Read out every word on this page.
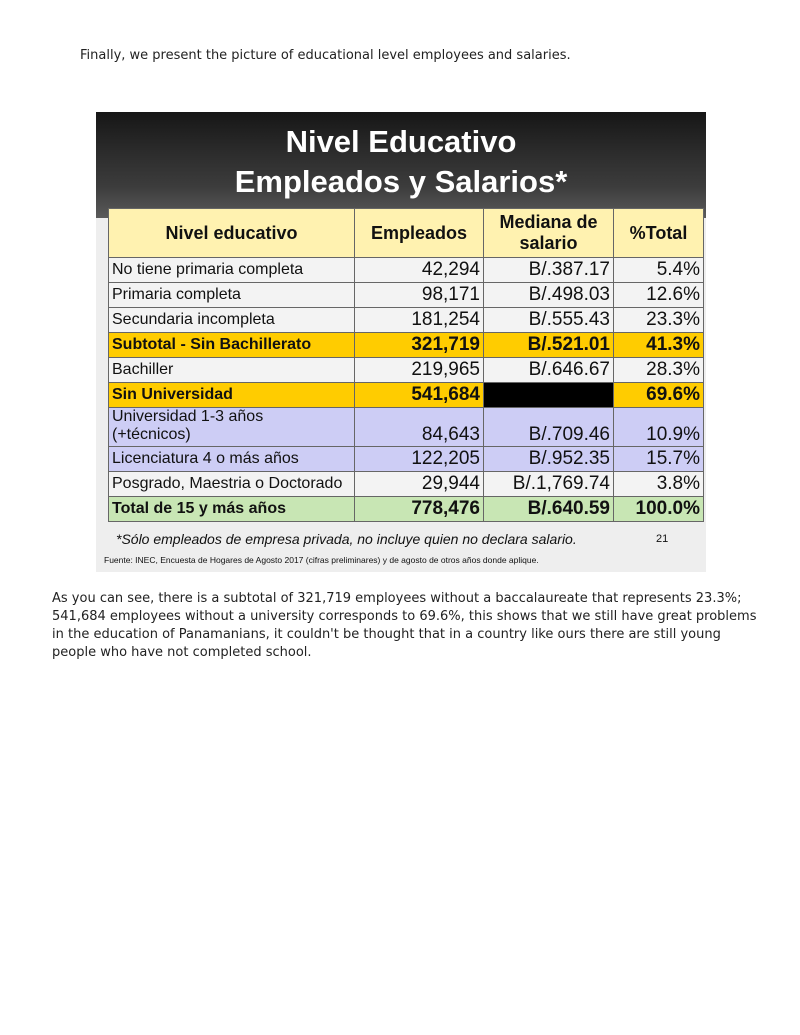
Finally, we present the picture of educational level employees and salaries.
Nivel Educativo
Empleados y Salarios*
Nivel educativo	Empleados	Mediana de salario	%Total
No tiene primaria completa	42,294	B/.387.17	5.4%
Primaria completa	98,171	B/.498.03	12.6%
Secundaria incompleta	181,254	B/.555.43	23.3%
Subtotal - Sin Bachillerato	321,719	B/.521.01	41.3%
Bachiller	219,965	B/.646.67	28.3%
Sin Universidad	541,684		69.6%

Universidad 1-3 años
(+técnicos)	84,643	B/.709.46	10.9%
Licenciatura 4 o más años	122,205	B/.952.35	15.7%
Posgrado, Maestria o Doctorado	29,944	B/.1,769.74	3.8%
Total de 15 y más años	778,476	B/.640.59	100.0%
*Sólo empleados de empresa privada, no incluye quien no declara salario.	21
Fuente: INEC, Encuesta de Hogares de Agosto 2017 (cifras preliminares) y de agosto de otros años donde aplique.
As you can see, there is a subtotal of 321,719 employees without a baccalaureate that represents 23.3%; 541,684 employees without a university corresponds to 69.6%, this shows that we still have great problems in the education of Panamanians, it couldn't be thought that in a country like ours there are still young people who have not completed school.
